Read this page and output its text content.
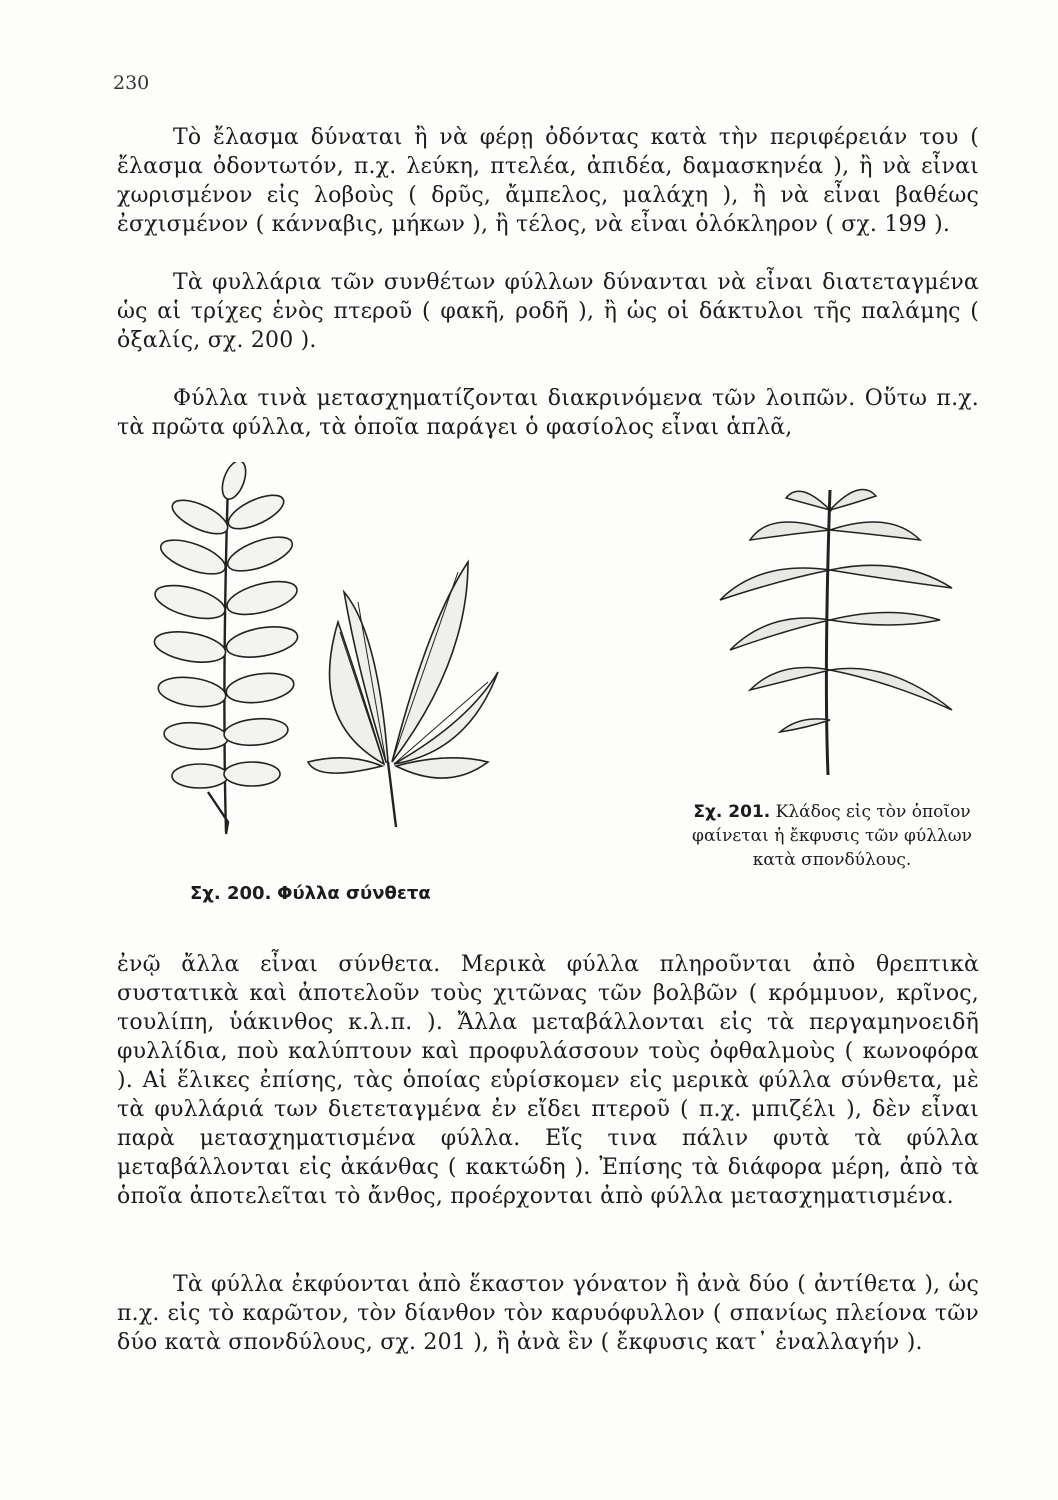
230

Τὸ ἔλασμα δύναται ἢ νὰ φέρῃ ὀδόντας κατὰ τὴν περιφέρειάν του ( ἔλασμα ὀδοντωτόν, π.χ. λεύκη, πτελέα, ἀπιδέα, δαμασκηνέα ), ἢ νὰ εἶναι χωρισμένον εἰς λοβοὺς ( δρῦς, ἄμπελος, μαλάχη ), ἢ νὰ εἶναι βαθέως ἐσχισμένον ( κάνναβις, μήκων ), ἢ τέλος, νὰ εἶναι ὁλόκληρον ( σχ. 199 ).

Τὰ φυλλάρια τῶν συνθέτων φύλλων δύνανται νὰ εἶναι διατεταγμένα ὡς αἱ τρίχες ἑνὸς πτεροῦ ( φακῆ, ροδῆ ), ἢ ὡς οἱ δάκτυλοι τῆς παλάμης ( ὀξαλίς, σχ. 200 ).

Φύλλα τινὰ μετασχηματίζονται διακρινόμενα τῶν λοιπῶν. Οὕτω π.χ. τὰ πρῶτα φύλλα, τὰ ὁποῖα παράγει ὁ φασίολος εἶναι ἁπλᾶ,

Σχ. 200. Φύλλα σύνθετα
Σχ. 201. Κλάδος εἰς τὸν ὁποῖον φαίνεται ἡ ἔκφυσις τῶν φύλλων κατὰ σπονδύλους.

ἐνῷ ἄλλα εἶναι σύνθετα. Μερικὰ φύλλα πληροῦνται ἀπὸ θρεπτικὰ συστατικὰ καὶ ἀποτελοῦν τοὺς χιτῶνας τῶν βολβῶν ( κρόμμυον, κρῖνος, τουλίπη, ὑάκινθος κ.λ.π. ). Ἄλλα μεταβάλλονται εἰς τὰ περγαμηνοειδῆ φυλλίδια, ποὺ καλύπτουν καὶ προφυλάσσουν τοὺς ὀφθαλμοὺς ( κωνοφόρα ). Αἱ ἕλικες ἐπίσης, τὰς ὁποίας εὑρίσκομεν εἰς μερικὰ φύλλα σύνθετα, μὲ τὰ φυλλάριά των διετεταγμένα ἐν εἴδει πτεροῦ ( π.χ. μπιζέλι ), δὲν εἶναι παρὰ μετασχηματισμένα φύλλα. Εἴς τινα πάλιν φυτὰ τὰ φύλλα μεταβάλλονται εἰς ἀκάνθας ( κακτώδη ). Ἐπίσης τὰ διάφορα μέρη, ἀπὸ τὰ ὁποῖα ἀποτελεῖται τὸ ἄνθος, προέρχονται ἀπὸ φύλλα μετασχηματισμένα.

Τὰ φύλλα ἐκφύονται ἀπὸ ἕκαστον γόνατον ἢ ἀνὰ δύο ( ἀντίθετα ), ὡς π.χ. εἰς τὸ καρῶτον, τὸν δίανθον τὸν καρυόφυλλον ( σπανίως πλείονα τῶν δύο κατὰ σπονδύλους, σχ. 201 ), ἢ ἀνὰ ἓν ( ἔκφυσις κατ᾽ ἐναλλαγήν ).
